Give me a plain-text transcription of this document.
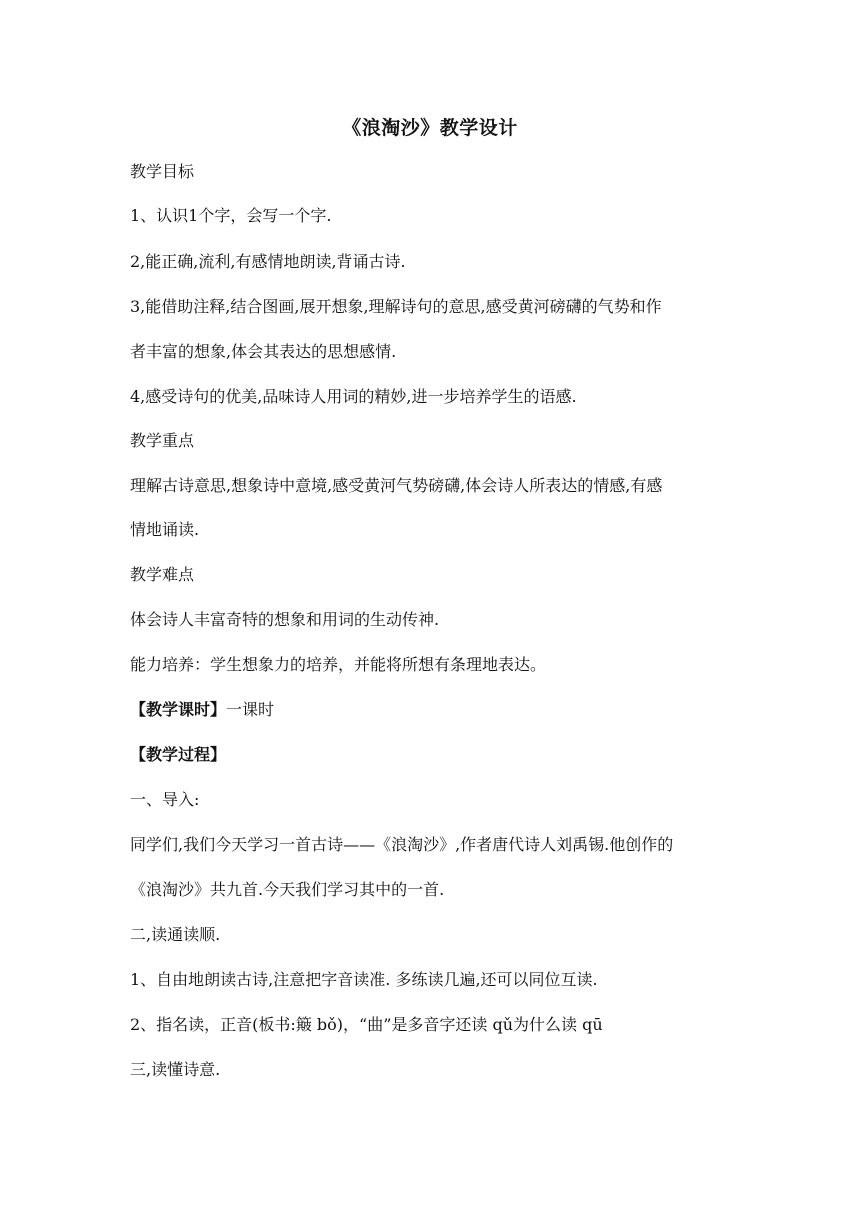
《浪淘沙》教学设计
教学目标
1、认识1个字，会写一个字.
2,能正确,流利,有感情地朗读,背诵古诗.
3,能借助注释,结合图画,展开想象,理解诗句的意思,感受黄河磅礴的气势和作
者丰富的想象,体会其表达的思想感情.
4,感受诗句的优美,品味诗人用词的精妙,进一步培养学生的语感.
教学重点
理解古诗意思,想象诗中意境,感受黄河气势磅礴,体会诗人所表达的情感,有感
情地诵读.
教学难点
体会诗人丰富奇特的想象和用词的生动传神.
能力培养：学生想象力的培养，并能将所想有条理地表达。
【教学课时】一课时
【教学过程】
一、导入:
同学们,我们今天学习一首古诗——《浪淘沙》,作者唐代诗人刘禹锡.他创作的
《浪淘沙》共九首.今天我们学习其中的一首.
二,读通读顺.
1、自由地朗读古诗,注意把字音读准. 多练读几遍,还可以同位互读.
2、指名读，正音(板书:簸 bǒ)，“曲”是多音字还读 qǔ为什么读 qū
三,读懂诗意.
